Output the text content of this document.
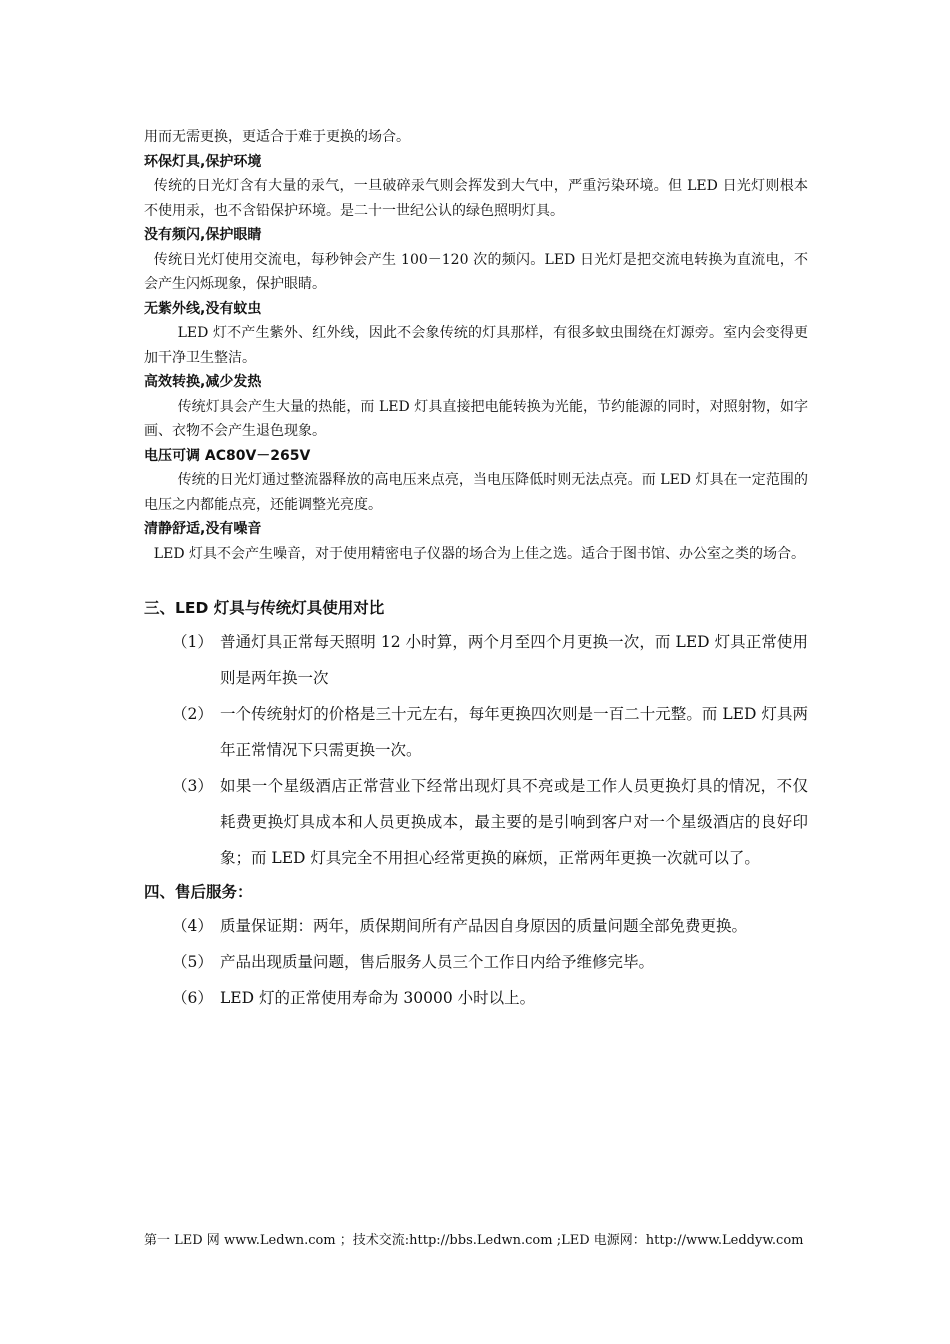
用而无需更换，更适合于难于更换的场合。

环保灯具,保护环境

传统的日光灯含有大量的汞气，一旦破碎汞气则会挥发到大气中，严重污染环境。但 LED 日光灯则根本不使用汞，也不含铅保护环境。是二十一世纪公认的绿色照明灯具。

没有频闪,保护眼睛

传统日光灯使用交流电，每秒钟会产生 100－120 次的频闪。LED 日光灯是把交流电转换为直流电，不会产生闪烁现象，保护眼睛。

无紫外线,没有蚊虫

LED 灯不产生紫外、红外线，因此不会象传统的灯具那样，有很多蚊虫围绕在灯源旁。室内会变得更加干净卫生整洁。

高效转换,减少发热

传统灯具会产生大量的热能，而 LED 灯具直接把电能转换为光能，节约能源的同时，对照射物，如字画、衣物不会产生退色现象。

电压可调 AC80V－265V

传统的日光灯通过整流器释放的高电压来点亮，当电压降低时则无法点亮。而 LED 灯具在一定范围的电压之内都能点亮，还能调整光亮度。

清静舒适,没有噪音

LED 灯具不会产生噪音，对于使用精密电子仪器的场合为上佳之选。适合于图书馆、办公室之类的场合。

三、LED 灯具与传统灯具使用对比

（1） 普通灯具正常每天照明 12 小时算，两个月至四个月更换一次，而 LED 灯具正常使用则是两年换一次
（2） 一个传统射灯的价格是三十元左右，每年更换四次则是一百二十元整。而 LED 灯具两年正常情况下只需更换一次。
（3） 如果一个星级酒店正常营业下经常出现灯具不亮或是工作人员更换灯具的情况，不仅耗费更换灯具成本和人员更换成本，最主要的是引响到客户对一个星级酒店的良好印象；而 LED 灯具完全不用担心经常更换的麻烦，正常两年更换一次就可以了。

四、售后服务：

（4） 质量保证期：两年，质保期间所有产品因自身原因的质量问题全部免费更换。
（5） 产品出现质量问题，售后服务人员三个工作日内给予维修完毕。
（6） LED 灯的正常使用寿命为 30000 小时以上。
第一 LED 网 www.Ledwn.com ；技术交流:http://bbs.Ledwn.com ;LED 电源网：http://www.Leddyw.com
